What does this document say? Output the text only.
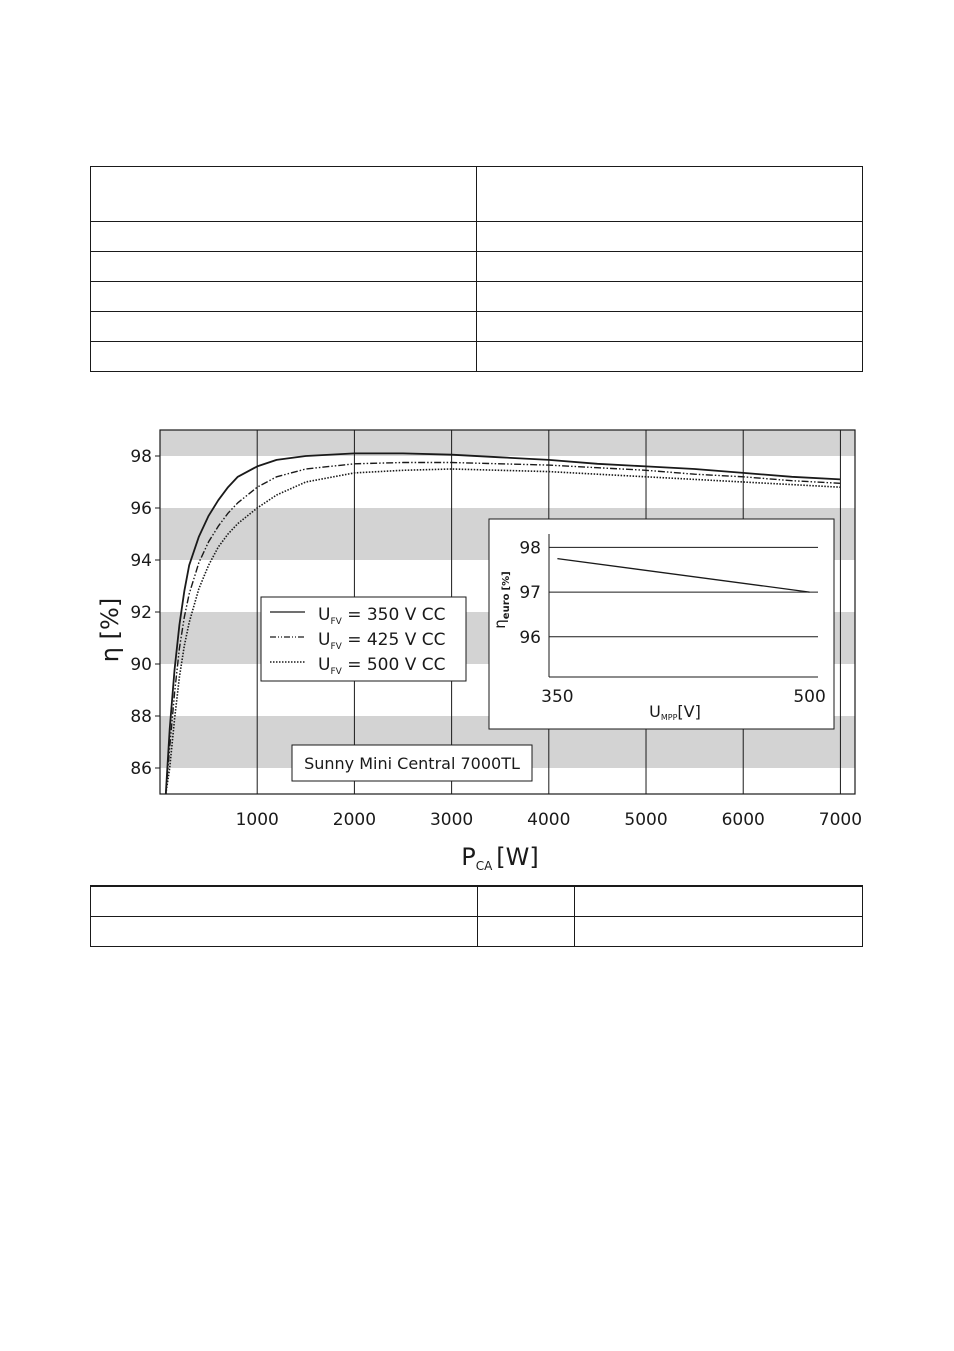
86
88
90
92
94
96
98
1000	2000	3000	4000	5000	6000	7000
η [%]
$P_{CA}$ [W]
$U_{FV} = 350$ V CC
$U_{FV} = 425$ V CC
$U_{FV} = 500$ V CC
Sunny Mini Central 7000TL
96
97
98
350	500
$\eta_{euro}[\%]$
UMPP[V]
